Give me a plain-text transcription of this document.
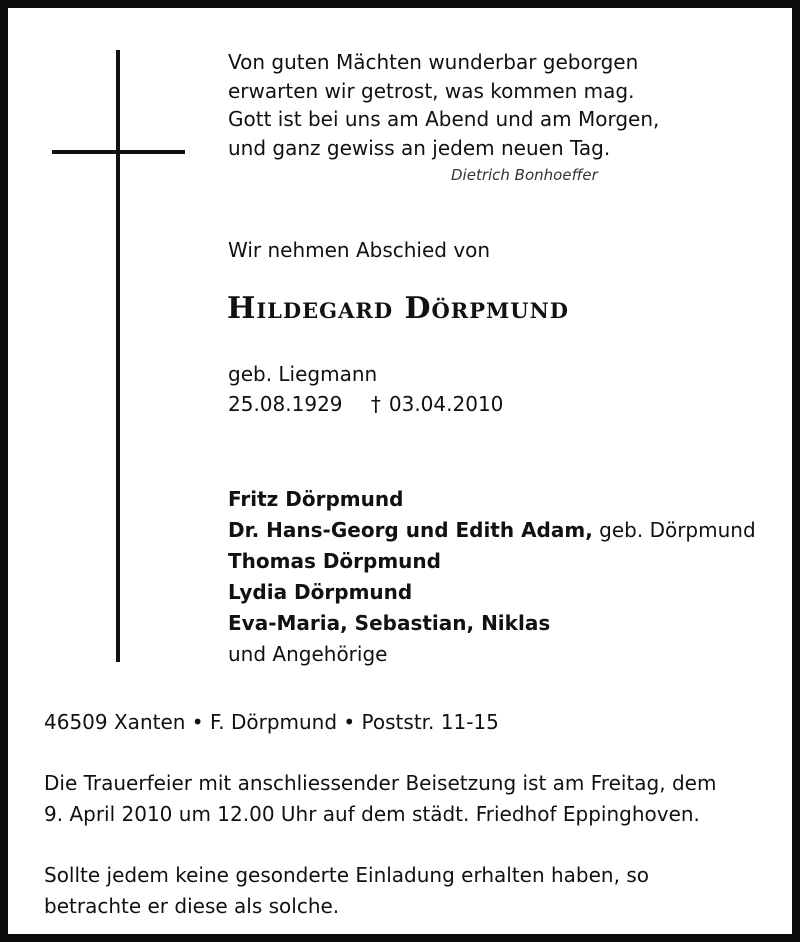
Von guten Mächten wunderbar geborgen
erwarten wir getrost, was kommen mag.
Gott ist bei uns am Abend und am Morgen,
und ganz gewiss an jedem neuen Tag.

Dietrich Bonhoeffer

Wir nehmen Abschied von
Hildegard Dörpmund
geb. Liegmann
25.08.1929 † 03.04.2010
Fritz Dörpmund
Dr. Hans-Georg und Edith Adam, geb. Dörpmund
Thomas Dörpmund
Lydia Dörpmund
Eva-Maria, Sebastian, Niklas
und Angehörige
46509 Xanten • F. Dörpmund • Poststr. 11-15

Die Trauerfeier mit anschliessender Beisetzung ist am Freitag, dem
9. April 2010 um 12.00 Uhr auf dem städt. Friedhof Eppinghoven.

Sollte jedem keine gesonderte Einladung erhalten haben, so
betrachte er diese als solche.
